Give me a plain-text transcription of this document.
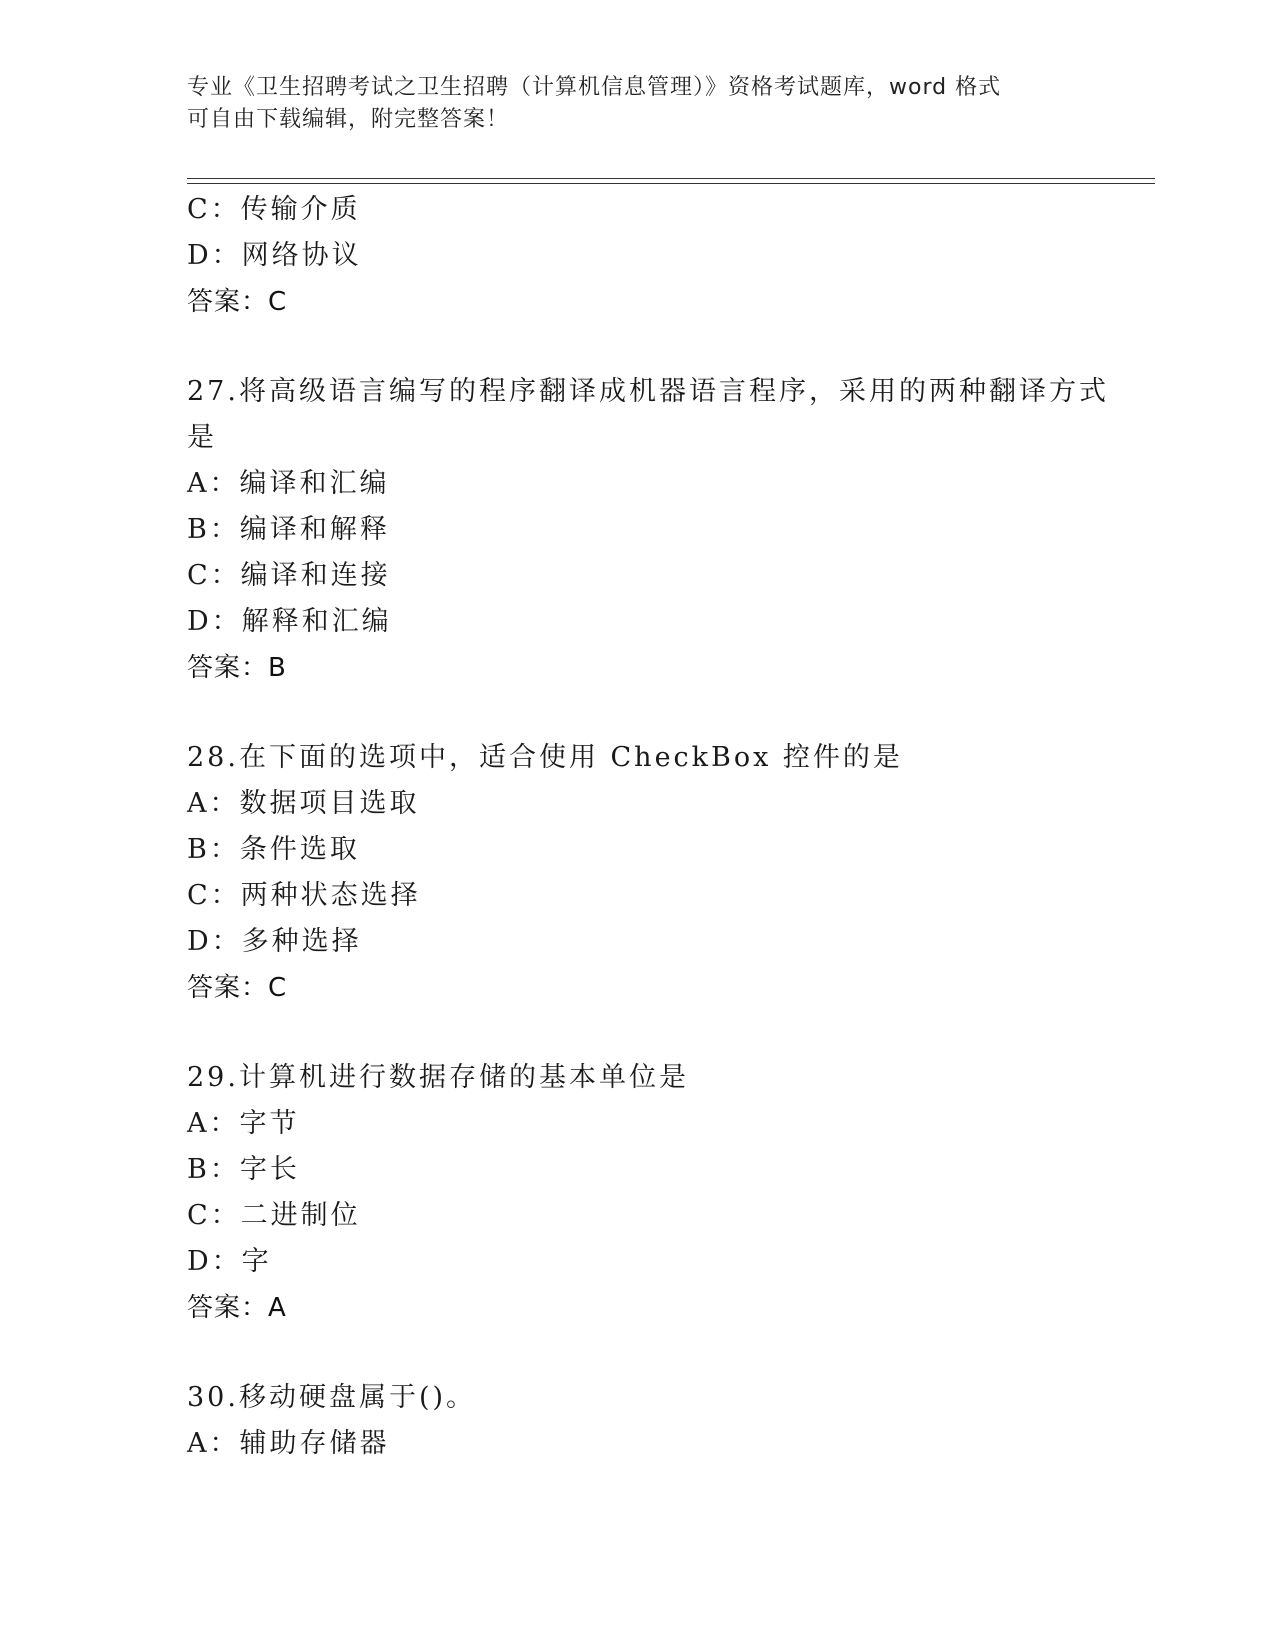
专业《卫生招聘考试之卫生招聘（计算机信息管理）》资格考试题库，word 格式
可自由下载编辑，附完整答案！
C：传输介质
D：网络协议
答案：C
27.将高级语言编写的程序翻译成机器语言程序，采用的两种翻译方式
是
A：编译和汇编
B：编译和解释
C：编译和连接
D：解释和汇编
答案：B
28.在下面的选项中，适合使用 CheckBox 控件的是
A：数据项目选取
B：条件选取
C：两种状态选择
D：多种选择
答案：C
29.计算机进行数据存储的基本单位是
A：字节
B：字长
C：二进制位
D：字
答案：A
30.移动硬盘属于()。
A：辅助存储器
